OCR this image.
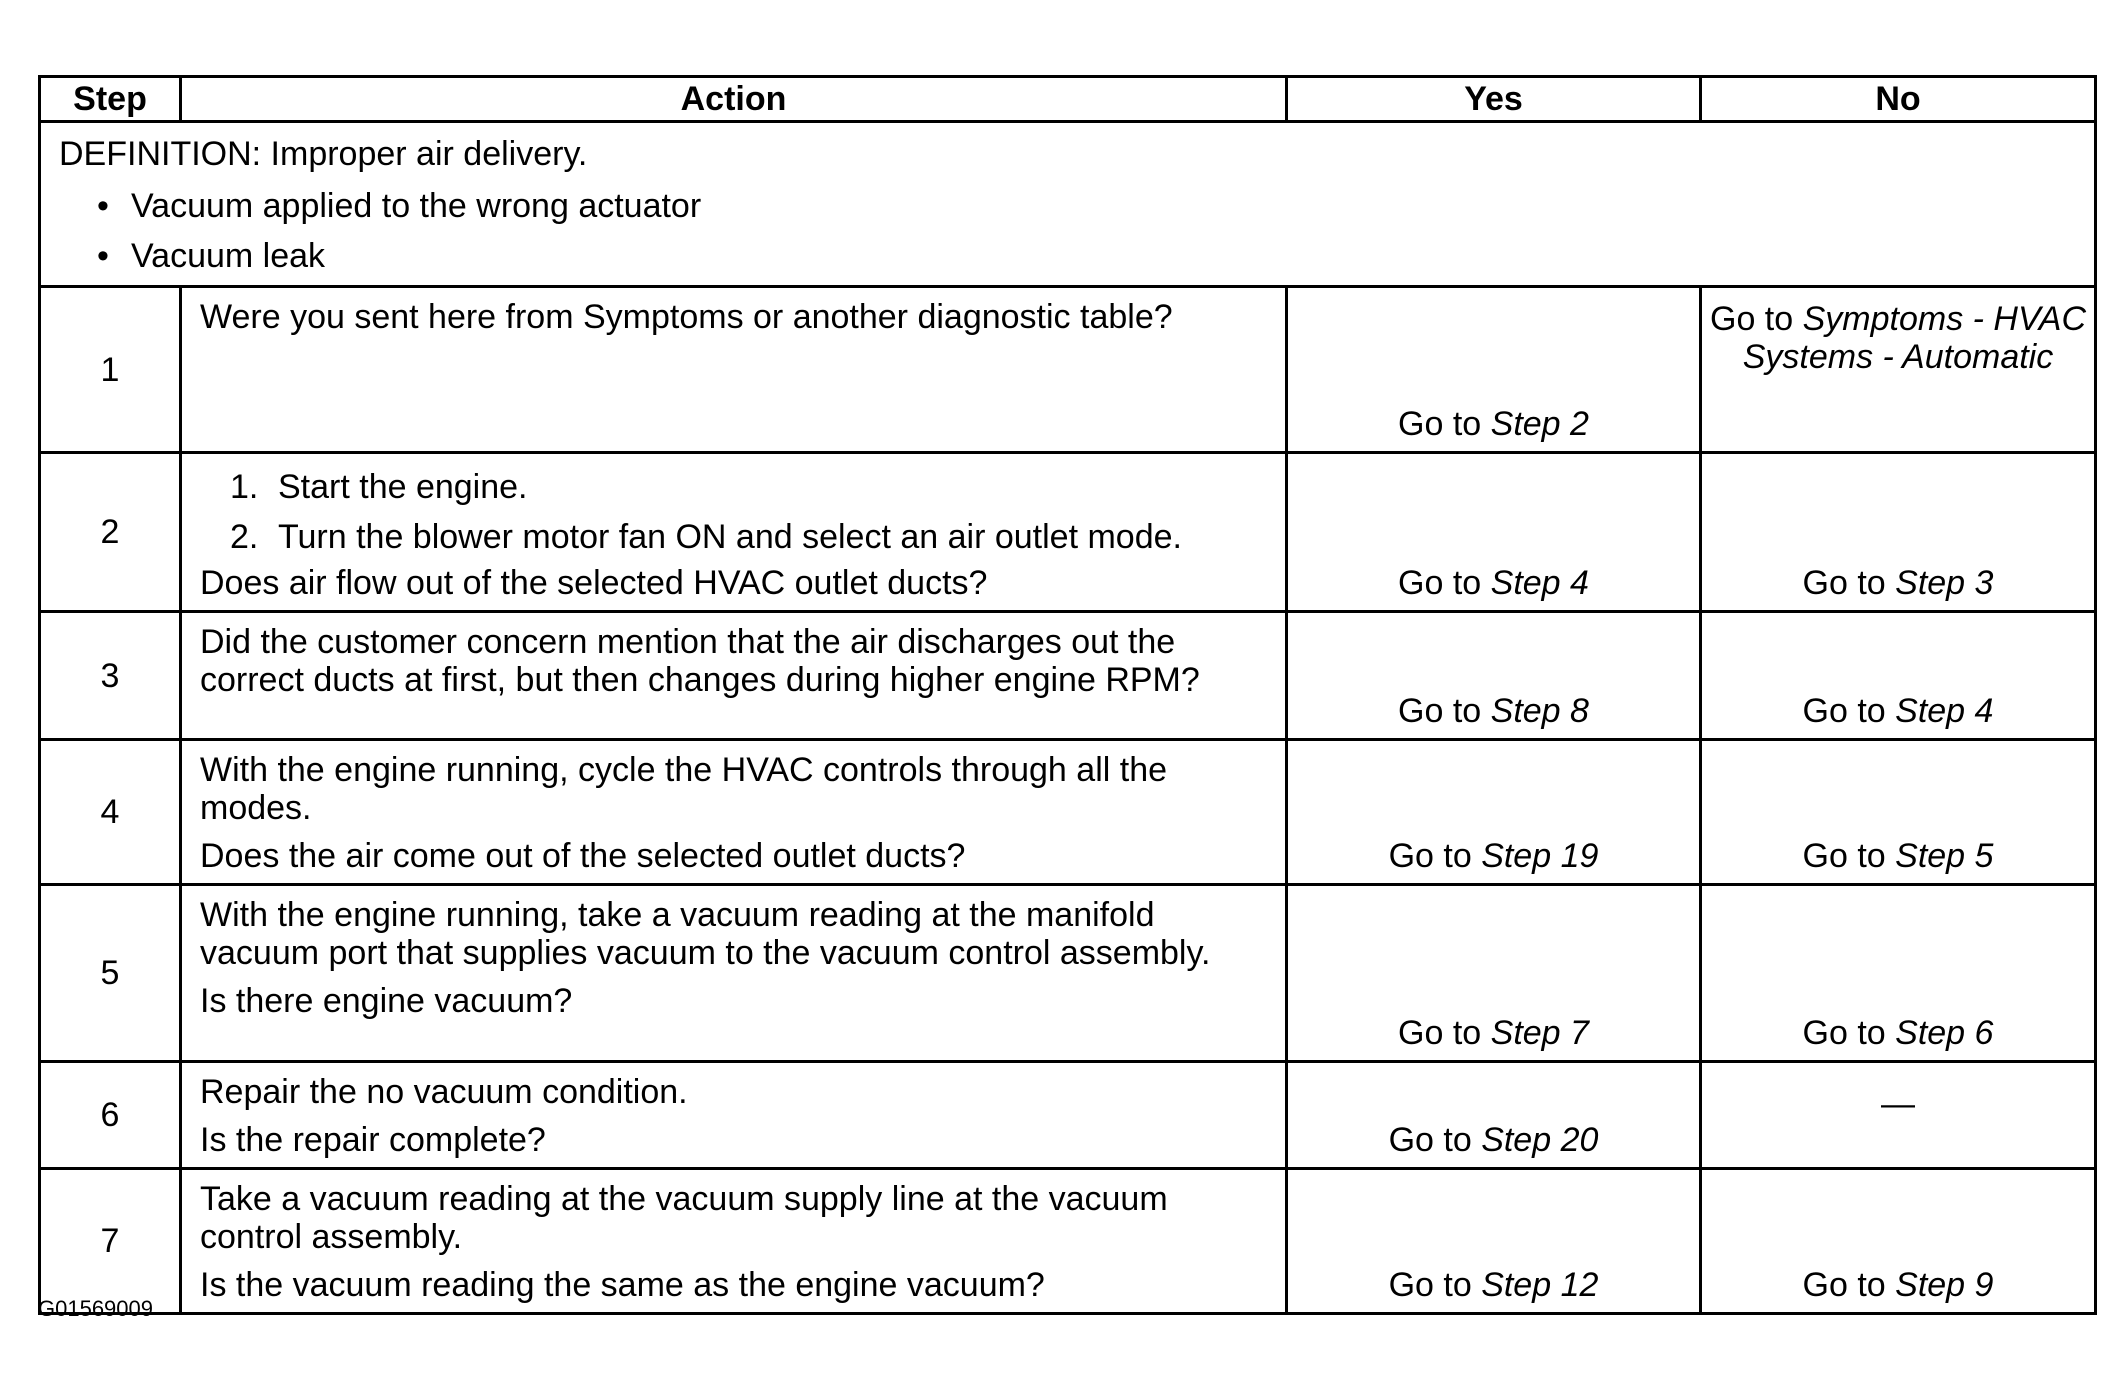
Step	Action	Yes	No

DEFINITION: Improper air delivery.
• Vacuum applied to the wrong actuator
• Vacuum leak			

1	Were you sent here from Symptoms or another diagnostic table?	Go to Step 2	Go to Symptoms - HVAC Systems - Automatic
2	1. Start the engine.
2. Turn the blower motor fan ON and select an air outlet mode.
Does air flow out of the selected HVAC outlet ducts?	Go to Step 4	Go to Step 3
3	Did the customer concern mention that the air discharges out the correct ducts at first, but then changes during higher engine RPM?	Go to Step 8	Go to Step 4
4	With the engine running, cycle the HVAC controls through all the modes.
Does the air come out of the selected outlet ducts?	Go to Step 19	Go to Step 5
5	With the engine running, take a vacuum reading at the manifold vacuum port that supplies vacuum to the vacuum control assembly.
Is there engine vacuum?	Go to Step 7	Go to Step 6
6	Repair the no vacuum condition.
Is the repair complete?	Go to Step 20	—
7	Take a vacuum reading at the vacuum supply line at the vacuum control assembly.
Is the vacuum reading the same as the engine vacuum?	Go to Step 12	Go to Step 9
G01569009
